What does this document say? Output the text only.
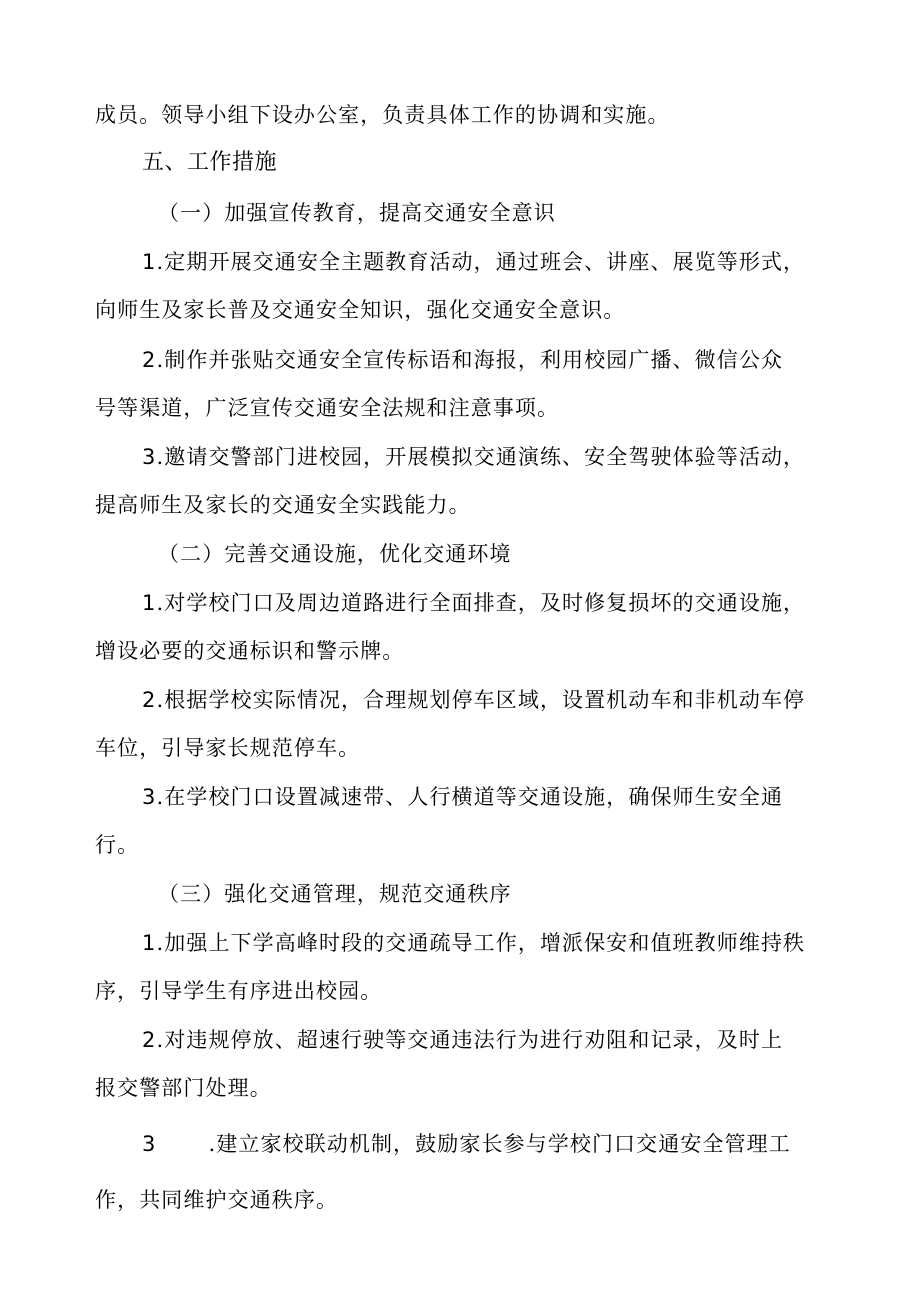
成员。领导小组下设办公室，负责具体工作的协调和实施。
五、工作措施
（一）加强宣传教育，提高交通安全意识
1.定期开展交通安全主题教育活动，通过班会、讲座、展览等形式，
向师生及家长普及交通安全知识，强化交通安全意识。
2.制作并张贴交通安全宣传标语和海报，利用校园广播、微信公众
号等渠道，广泛宣传交通安全法规和注意事项。
3.邀请交警部门进校园，开展模拟交通演练、安全驾驶体验等活动，
提高师生及家长的交通安全实践能力。
（二）完善交通设施，优化交通环境
1.对学校门口及周边道路进行全面排查，及时修复损坏的交通设施，
增设必要的交通标识和警示牌。
2.根据学校实际情况，合理规划停车区域，设置机动车和非机动车停
车位，引导家长规范停车。
3.在学校门口设置减速带、人行横道等交通设施，确保师生安全通
行。
（三）强化交通管理，规范交通秩序
1.加强上下学高峰时段的交通疏导工作，增派保安和值班教师维持秩
序，引导学生有序进出校园。
2.对违规停放、超速行驶等交通违法行为进行劝阻和记录，及时上
报交警部门处理。
3 .建立家校联动机制，鼓励家长参与学校门口交通安全管理工
作，共同维护交通秩序。
